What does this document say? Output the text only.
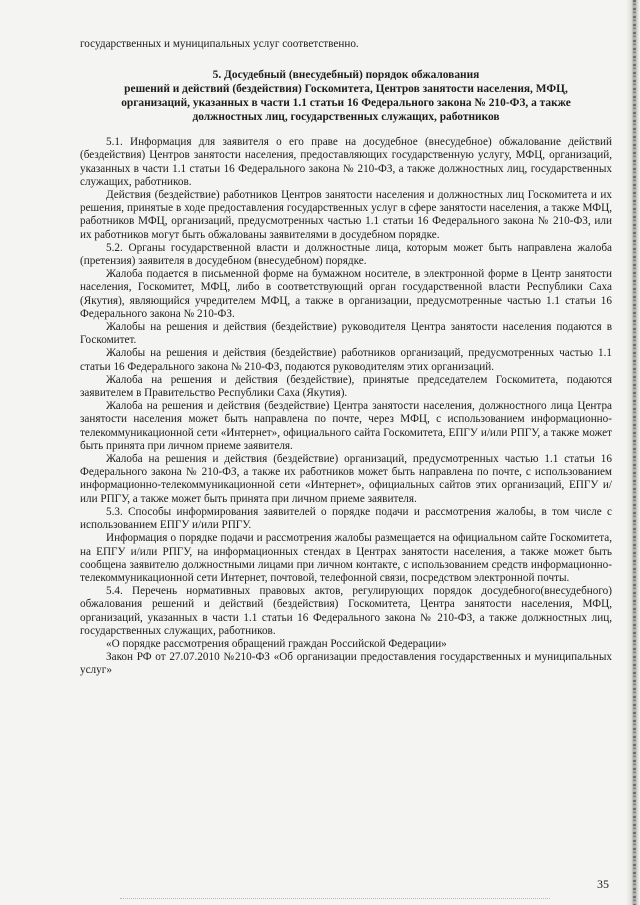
государственных и муниципальных услуг соответственно.

5. Досудебный (внесудебный) порядок обжалования
решений и действий (бездействия) Госкомитета, Центров занятости населения, МФЦ,
организаций, указанных в части 1.1 статьи 16 Федерального закона № 210-ФЗ, а также
должностных лиц, государственных служащих, работников

5.1. Информация для заявителя о его праве на досудебное (внесудебное) обжалование действий (бездействия) Центров занятости населения, предоставляющих государственную услугу, МФЦ, организаций, указанных в части 1.1 статьи 16 Федерального закона № 210-ФЗ, а также должностных лиц, государственных служащих, работников.

Действия (бездействие) работников Центров занятости населения и должностных лиц Госкомитета и их решения, принятые в ходе предоставления государственных услуг в сфере занятости населения, а также МФЦ, работников МФЦ, организаций, предусмотренных частью 1.1 статьи 16 Федерального закона № 210-ФЗ, или их работников могут быть обжалованы заявителями в досудебном порядке.

5.2. Органы государственной власти и должностные лица, которым может быть направлена жалоба (претензия) заявителя в досудебном (внесудебном) порядке.

Жалоба подается в письменной форме на бумажном носителе, в электронной форме в Центр занятости населения, Госкомитет, МФЦ, либо в соответствующий орган государственной власти Республики Саха (Якутия), являющийся учредителем МФЦ, а также в организации, предусмотренные частью 1.1 статьи 16 Федерального закона № 210-ФЗ.

Жалобы на решения и действия (бездействие) руководителя Центра занятости населения подаются в Госкомитет.

Жалобы на решения и действия (бездействие) работников организаций, предусмотренных частью 1.1 статьи 16 Федерального закона № 210-ФЗ, подаются руководителям этих организаций.

Жалоба на решения и действия (бездействие), принятые председателем Госкомитета, подаются заявителем в Правительство Республики Саха (Якутия).

Жалоба на решения и действия (бездействие) Центра занятости населения, должностного лица Центра занятости населения может быть направлена по почте, через МФЦ, с использованием информационно-телекоммуникационной сети «Интернет», официального сайта Госкомитета, ЕПГУ и/или РПГУ, а также может быть принята при личном приеме заявителя.

Жалоба на решения и действия (бездействие) организаций, предусмотренных частью 1.1 статьи 16 Федерального закона № 210-ФЗ, а также их работников может быть направлена по почте, с использованием информационно-телекоммуникационной сети «Интернет», официальных сайтов этих организаций, ЕПГУ и/или РПГУ, а также может быть принята при личном приеме заявителя.

5.3. Способы информирования заявителей о порядке подачи и рассмотрения жалобы, в том числе с использованием ЕПГУ и/или РПГУ.

Информация о порядке подачи и рассмотрения жалобы размещается на официальном сайте Госкомитета, на ЕПГУ и/или РПГУ, на информационных стендах в Центрах занятости населения, а также может быть сообщена заявителю должностными лицами при личном контакте, с использованием средств информационно-телекоммуникационной сети Интернет, почтовой, телефонной связи, посредством электронной почты.

5.4. Перечень нормативных правовых актов, регулирующих порядок досудебного(внесудебного) обжалования решений и действий (бездействия) Госкомитета, Центра занятости населения, МФЦ, организаций, указанных в части 1.1 статьи 16 Федерального закона № 210-ФЗ, а также должностных лиц, государственных служащих, работников.

«О порядке рассмотрения обращений граждан Российской Федерации»

Закон РФ от 27.07.2010 №210-ФЗ «Об организации предоставления государственных и муниципальных услуг»

35
